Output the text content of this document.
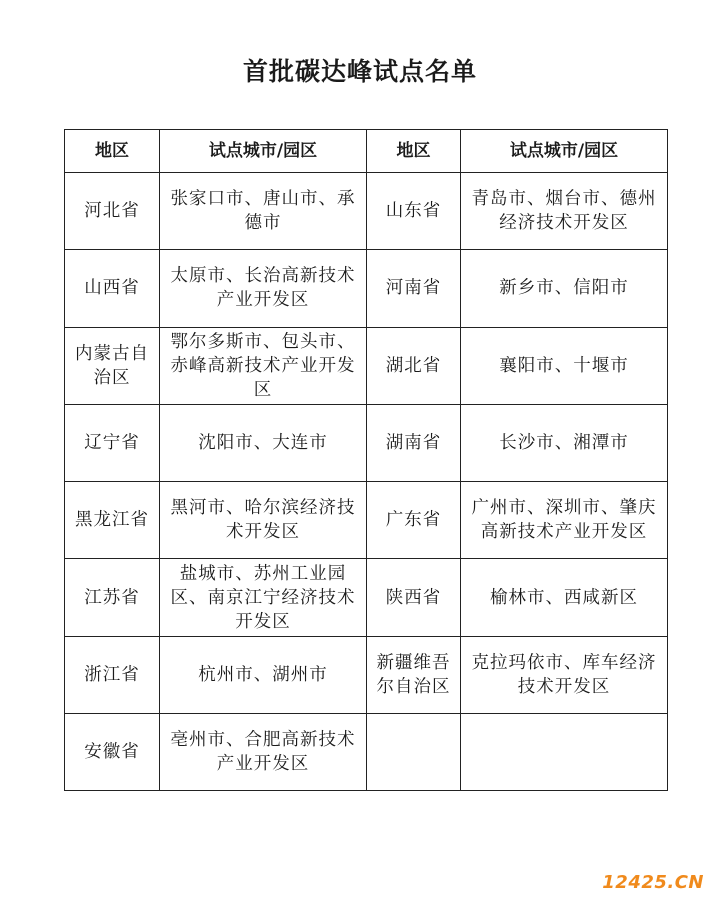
首批碳达峰试点名单
地区	试点城市/园区	地区	试点城市/园区
河北省	张家口市、唐山市、承德市	山东省	青岛市、烟台市、德州经济技术开发区
山西省	太原市、长治高新技术产业开发区	河南省	新乡市、信阳市
内蒙古自治区	鄂尔多斯市、包头市、赤峰高新技术产业开发区	湖北省	襄阳市、十堰市
辽宁省	沈阳市、大连市	湖南省	长沙市、湘潭市
黑龙江省	黑河市、哈尔滨经济技术开发区	广东省	广州市、深圳市、肇庆高新技术产业开发区
江苏省	盐城市、苏州工业园区、南京江宁经济技术开发区	陕西省	榆林市、西咸新区
浙江省	杭州市、湖州市	新疆维吾尔自治区	克拉玛依市、库车经济技术开发区
安徽省	亳州市、合肥高新技术产业开发区		
12425.CN
